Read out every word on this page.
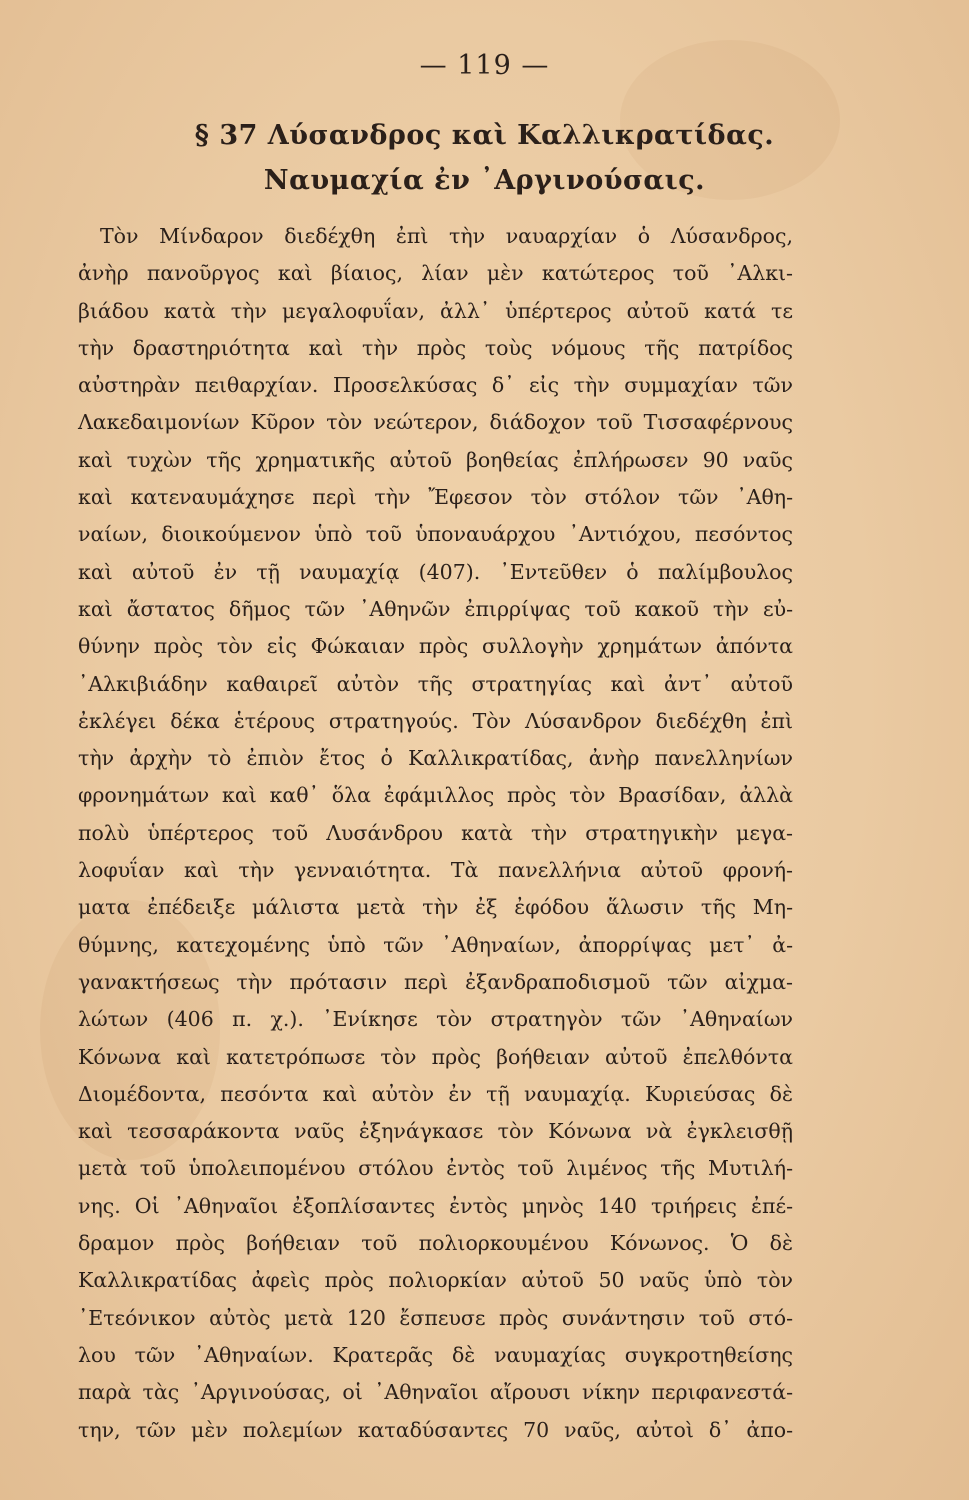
— 119 —

§ 37 Λύσανδρος καὶ Καλλικρατίδας.

Ναυμαχία ἐν ᾿Αργινούσαις.

Τὸν Μίνδαρον διεδέχθη ἐπὶ τὴν ναυαρχίαν ὁ Λύσανδρος,
ἀνὴρ πανοῦργος καὶ βίαιος, λίαν μὲν κατώτερος τοῦ ᾿Αλκι-
βιάδου κατὰ τὴν μεγαλοφυΐαν, ἀλλ᾿ ὑπέρτερος αὐτοῦ κατά τε
τὴν δραστηριότητα καὶ τὴν πρὸς τοὺς νόμους τῆς πατρίδος
αὐστηρὰν πειθαρχίαν. Προσελκύσας δ᾿ εἰς τὴν συμμαχίαν τῶν
Λακεδαιμονίων Κῦρον τὸν νεώτερον, διάδοχον τοῦ Τισσαφέρνους
καὶ τυχὼν τῆς χρηματικῆς αὐτοῦ βοηθείας ἐπλήρωσεν 90 ναῦς
καὶ κατεναυμάχησε περὶ τὴν Ἔφεσον τὸν στόλον τῶν ᾿Αθη-
ναίων, διοικούμενον ὑπὸ τοῦ ὑποναυάρχου ᾿Αντιόχου, πεσόντος
καὶ αὐτοῦ ἐν τῇ ναυμαχίᾳ (407). ᾿Εντεῦθεν ὁ παλίμβουλος
καὶ ἄστατος δῆμος τῶν ᾿Αθηνῶν ἐπιρρίψας τοῦ κακοῦ τὴν εὐ-
θύνην πρὸς τὸν εἰς Φώκαιαν πρὸς συλλογὴν χρημάτων ἀπόντα
᾿Αλκιβιάδην καθαιρεῖ αὐτὸν τῆς στρατηγίας καὶ ἀντ᾿ αὐτοῦ
ἐκλέγει δέκα ἑτέρους στρατηγούς. Τὸν Λύσανδρον διεδέχθη ἐπὶ
τὴν ἀρχὴν τὸ ἐπιὸν ἔτος ὁ Καλλικρατίδας, ἀνὴρ πανελληνίων
φρονημάτων καὶ καθ᾿ ὅλα ἐφάμιλλος πρὸς τὸν Βρασίδαν, ἀλλὰ
πολὺ ὑπέρτερος τοῦ Λυσάνδρου κατὰ τὴν στρατηγικὴν μεγα-
λοφυΐαν καὶ τὴν γενναιότητα. Τὰ πανελλήνια αὐτοῦ φρονή-
ματα ἐπέδειξε μάλιστα μετὰ τὴν ἐξ ἐφόδου ἅλωσιν τῆς Μη-
θύμνης, κατεχομένης ὑπὸ τῶν ᾿Αθηναίων, ἀπορρίψας μετ᾿ ἀ-
γανακτήσεως τὴν πρότασιν περὶ ἐξανδραποδισμοῦ τῶν αἰχμα-
λώτων (406 π. χ.). ᾿Ενίκησε τὸν στρατηγὸν τῶν ᾿Αθηναίων
Κόνωνα καὶ κατετρόπωσε τὸν πρὸς βοήθειαν αὐτοῦ ἐπελθόντα
Διομέδοντα, πεσόντα καὶ αὐτὸν ἐν τῇ ναυμαχίᾳ. Κυριεύσας δὲ
καὶ τεσσαράκοντα ναῦς ἐξηνάγκασε τὸν Κόνωνα νὰ ἐγκλεισθῇ
μετὰ τοῦ ὑπολειπομένου στόλου ἐντὸς τοῦ λιμένος τῆς Μυτιλή-
νης. Οἱ ᾿Αθηναῖοι ἐξοπλίσαντες ἐντὸς μηνὸς 140 τριήρεις ἐπέ-
δραμον πρὸς βοήθειαν τοῦ πολιορκουμένου Κόνωνος. Ὁ δὲ
Καλλικρατίδας ἀφεὶς πρὸς πολιορκίαν αὐτοῦ 50 ναῦς ὑπὸ τὸν
᾿Ετεόνικον αὐτὸς μετὰ 120 ἔσπευσε πρὸς συνάντησιν τοῦ στό-
λου τῶν ᾿Αθηναίων. Κρατερᾶς δὲ ναυμαχίας συγκροτηθείσης
παρὰ τὰς ᾿Αργινούσας, οἱ ᾿Αθηναῖοι αἴρουσι νίκην περιφανεστά-
την, τῶν μὲν πολεμίων καταδύσαντες 70 ναῦς, αὐτοὶ δ᾿ ἀπο-
